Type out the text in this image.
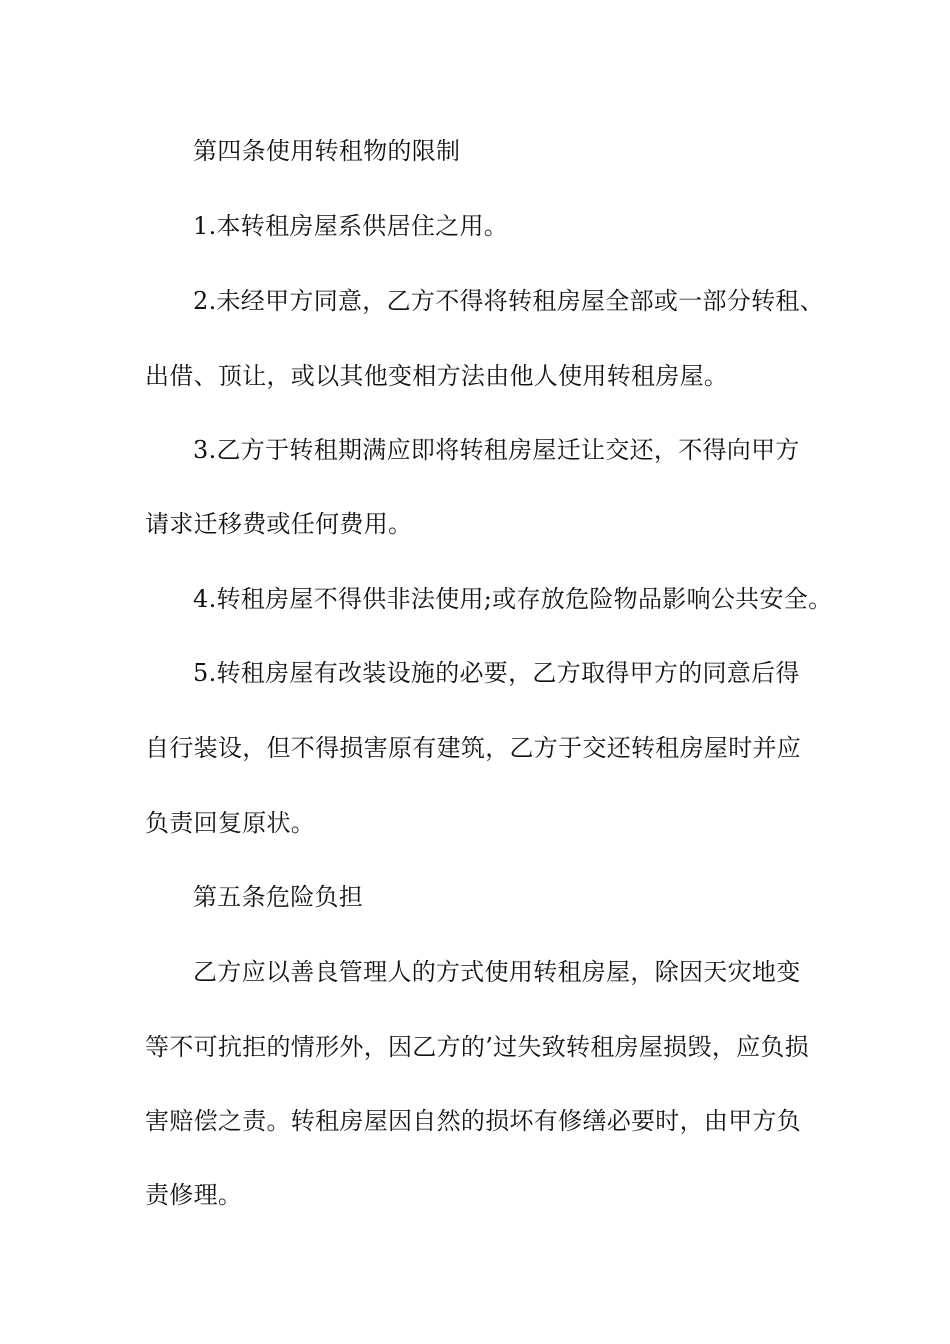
第四条使用转租物的限制

1.本转租房屋系供居住之用。

2.未经甲方同意，乙方不得将转租房屋全部或一部分转租、

出借、顶让，或以其他变相方法由他人使用转租房屋。

3.乙方于转租期满应即将转租房屋迁让交还，不得向甲方

请求迁移费或任何费用。

4.转租房屋不得供非法使用;或存放危险物品影响公共安全。

5.转租房屋有改装设施的必要，乙方取得甲方的同意后得

自行装设，但不得损害原有建筑，乙方于交还转租房屋时并应

负责回复原状。

第五条危险负担

乙方应以善良管理人的方式使用转租房屋，除因天灾地变

等不可抗拒的情形外，因乙方的’过失致转租房屋损毁，应负损

害赔偿之责。转租房屋因自然的损坏有修缮必要时，由甲方负

责修理。
